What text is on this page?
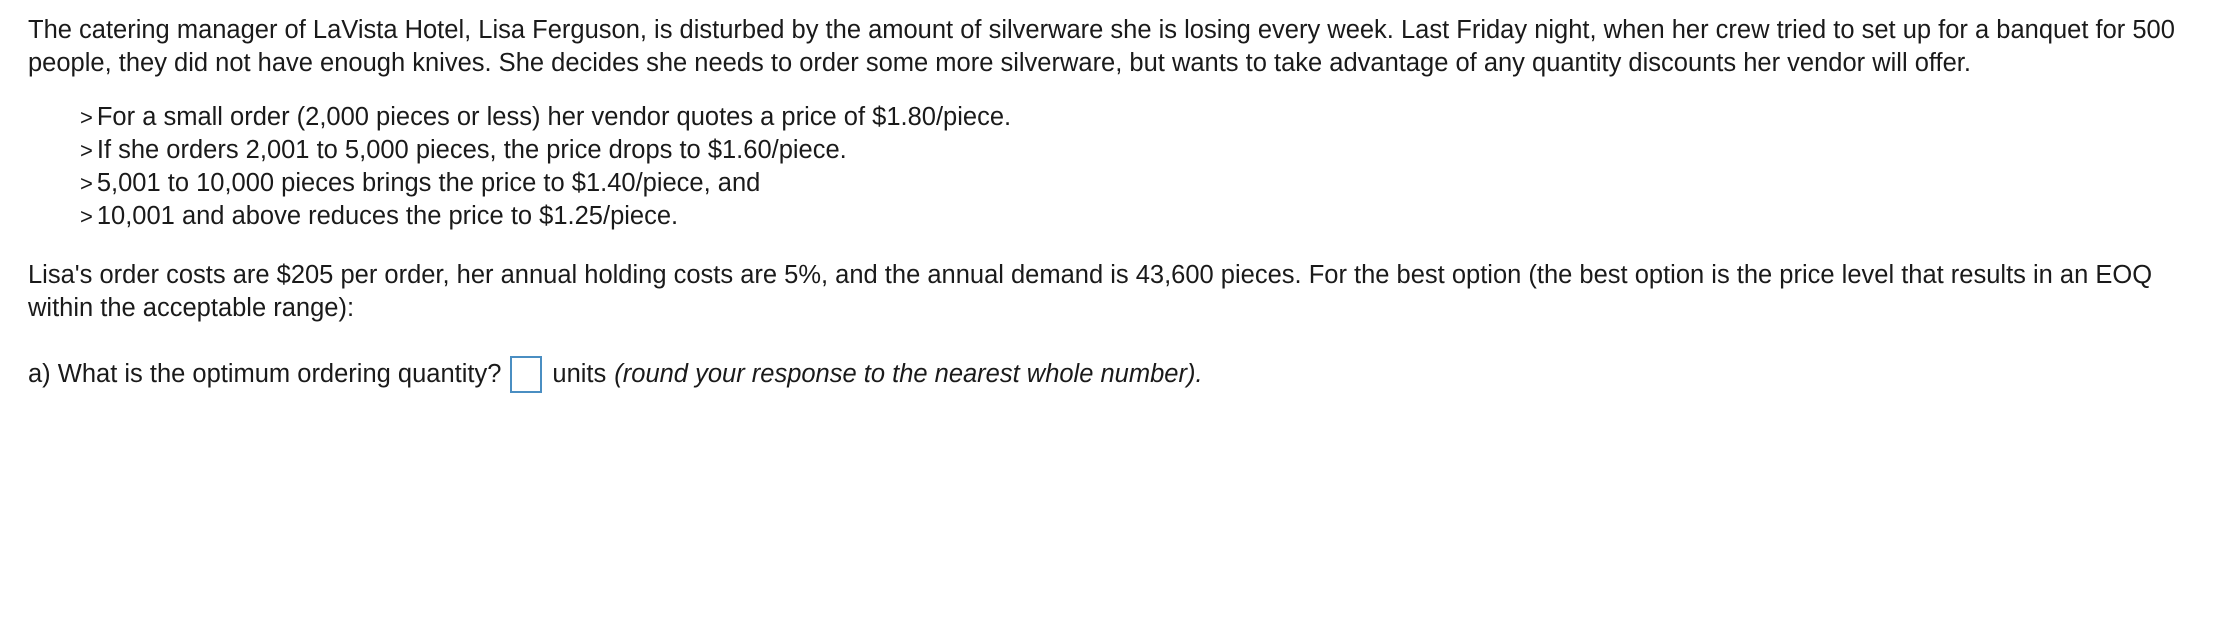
The catering manager of LaVista Hotel, Lisa Ferguson, is disturbed by the amount of silverware she is losing every week. Last Friday night, when her crew tried to set up for a banquet for 500 people, they did not have enough knives. She decides she needs to order some more silverware, but wants to take advantage of any quantity discounts her vendor will offer.

> For a small order (2,000 pieces or less) her vendor quotes a price of $1.80/piece.
> If she orders 2,001 to 5,000 pieces, the price drops to $1.60/piece.
> 5,001 to 10,000 pieces brings the price to $1.40/piece, and
> 10,001 and above reduces the price to $1.25/piece.

Lisa's order costs are $205 per order, her annual holding costs are 5%, and the annual demand is 43,600 pieces. For the best option (the best option is the price level that results in an EOQ within the acceptable range):

a) What is the optimum ordering quantity? units (round your response to the nearest whole number).
